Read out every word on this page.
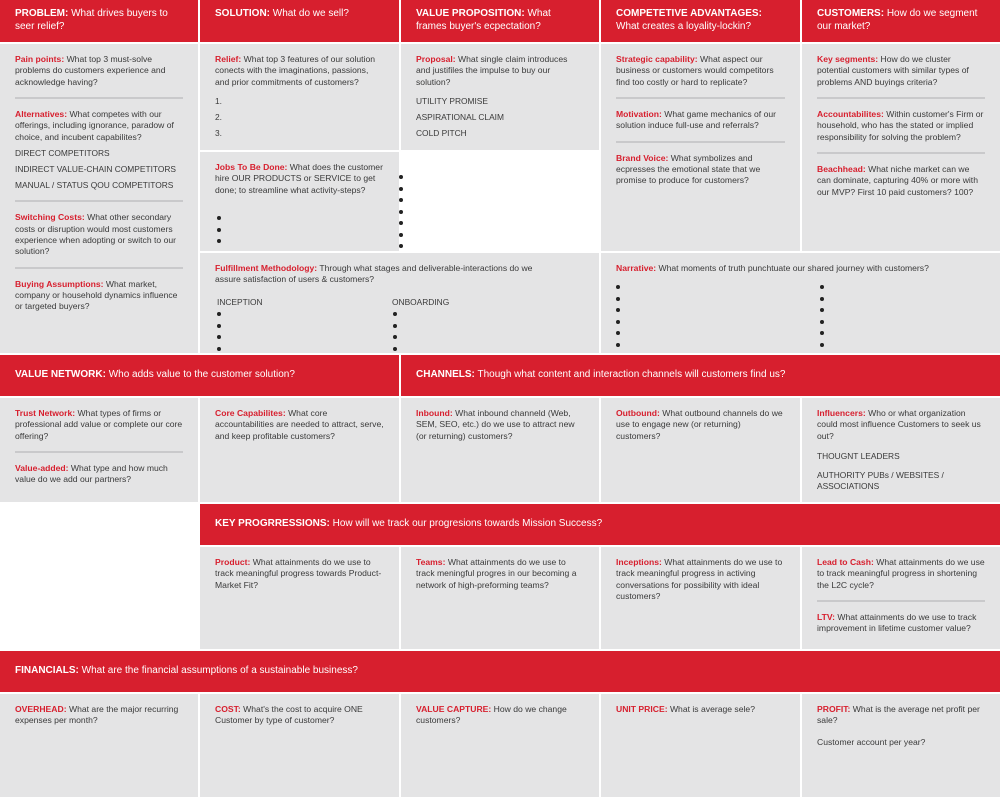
PROBLEM: What drives buyers to seer relief?
SOLUTION: What do we sell?	VALUE PROPOSITION: What frames buyer's ecpectation?
COMPETETIVE ADVANTAGES: What creates a loyality-lockin?
CUSTOMERS: How do we segment our market?
Pain points: What top 3 must-solve problems do customers experience and acknowledge having?
Alternatives: What competes with our offerings, including ignorance, paradow of choice, and incubent capabilites?
DIRECT COMPETITORS
INDIRECT VALUE-CHAIN COMPETITORS
MANUAL / STATUS QOU COMPETITORS
Switching Costs: What other secondary costs or disruption would most customers experience when adopting or switch to our solution?
Buying Assumptions: What market, company or household dynamics influence or targeted buyers?
Relief: What top 3 features of our solution conects with the imaginations, passions, and prior commitments of customers?
1.
2.
3.
Jobs To Be Done: What does the customer hire OUR PRODUCTS or SERVICE to get done; to streamline what activity-steps?
Proposal: What single claim introduces and justifiles the impulse to buy our solution?
UTILITY PROMISE
ASPIRATIONAL CLAIM
COLD PITCH
Strategic capability: What aspect our business or customers would competitors find too costly or hard to replicate?
Motivation: What game mechanics of our solution induce full-use and referrals?
Brand Voice: What symbolizes and ecpresses the emotional state that we promise to produce for customers?
Key segments: How do we cluster potential customers with similar types of problems AND buyings criteria?
Accountabilites: Within customer's Firm or household, who has the stated or implied responsibility for solving the problem?
Beachhead: What niche market can we can dominate, capturing 40% or more with our MVP? First 10 paid customers? 100?
Fulfillment Methodology: Through what stages and deliverable-interactions do we assure satisfaction of users & customers?
INCEPTION	ONBOARDING
Narrative: What moments of truth punchtuate our shared journey with customers?
VALUE NETWORK: Who adds value to the customer solution?	CHANNELS: Though what content and interaction channels will customers find us?
Trust Network: What types of firms or professional add value or complete our core offering?
Value-added: What type and how much value do we add our partners?
Core Capabilites: What core accountabilities are needed to attract, serve, and keep profitable customers?
Inbound: What inbound channeld (Web, SEM, SEO, etc.) do we use to attract new (or returning) customers?
Outbound: What outbound channels do we use to engage new (or returning) customers?
Influencers: Who or what organization could most influence Customers to seek us out?
THOUGNT LEADERS
AUTHORITY PUBs / WEBSITES / ASSOCIATIONS
KEY PROGRRESSIONS: How will we track our progresions towards Mission Success?
Product: What attainments do we use to track meaningful progress towards Product-Market Fit?
Teams: What attainments do we use to track meningful progres in our becoming a network of high-preforming teams?
Inceptions: What attainments do we use to track meaningful progress in activing conversations for possibility with ideal customers?
Lead to Cash: What attainments do we use to track meaningful progress in shortening the L2C cycle?
LTV: What attainments do we use to track improvement in lifetime customer value?
FINANCIALS: What are the financial assumptions of a sustainable business?
OVERHEAD: What are the major recurring expenses per month?
COST: What's the cost to acquire ONE Customer by type of customer?
VALUE CAPTURE: How do we change customers?
UNIT PRICE: What is average sele?	PROFIT: What is the average net profit per sale?
Customer account per year?
